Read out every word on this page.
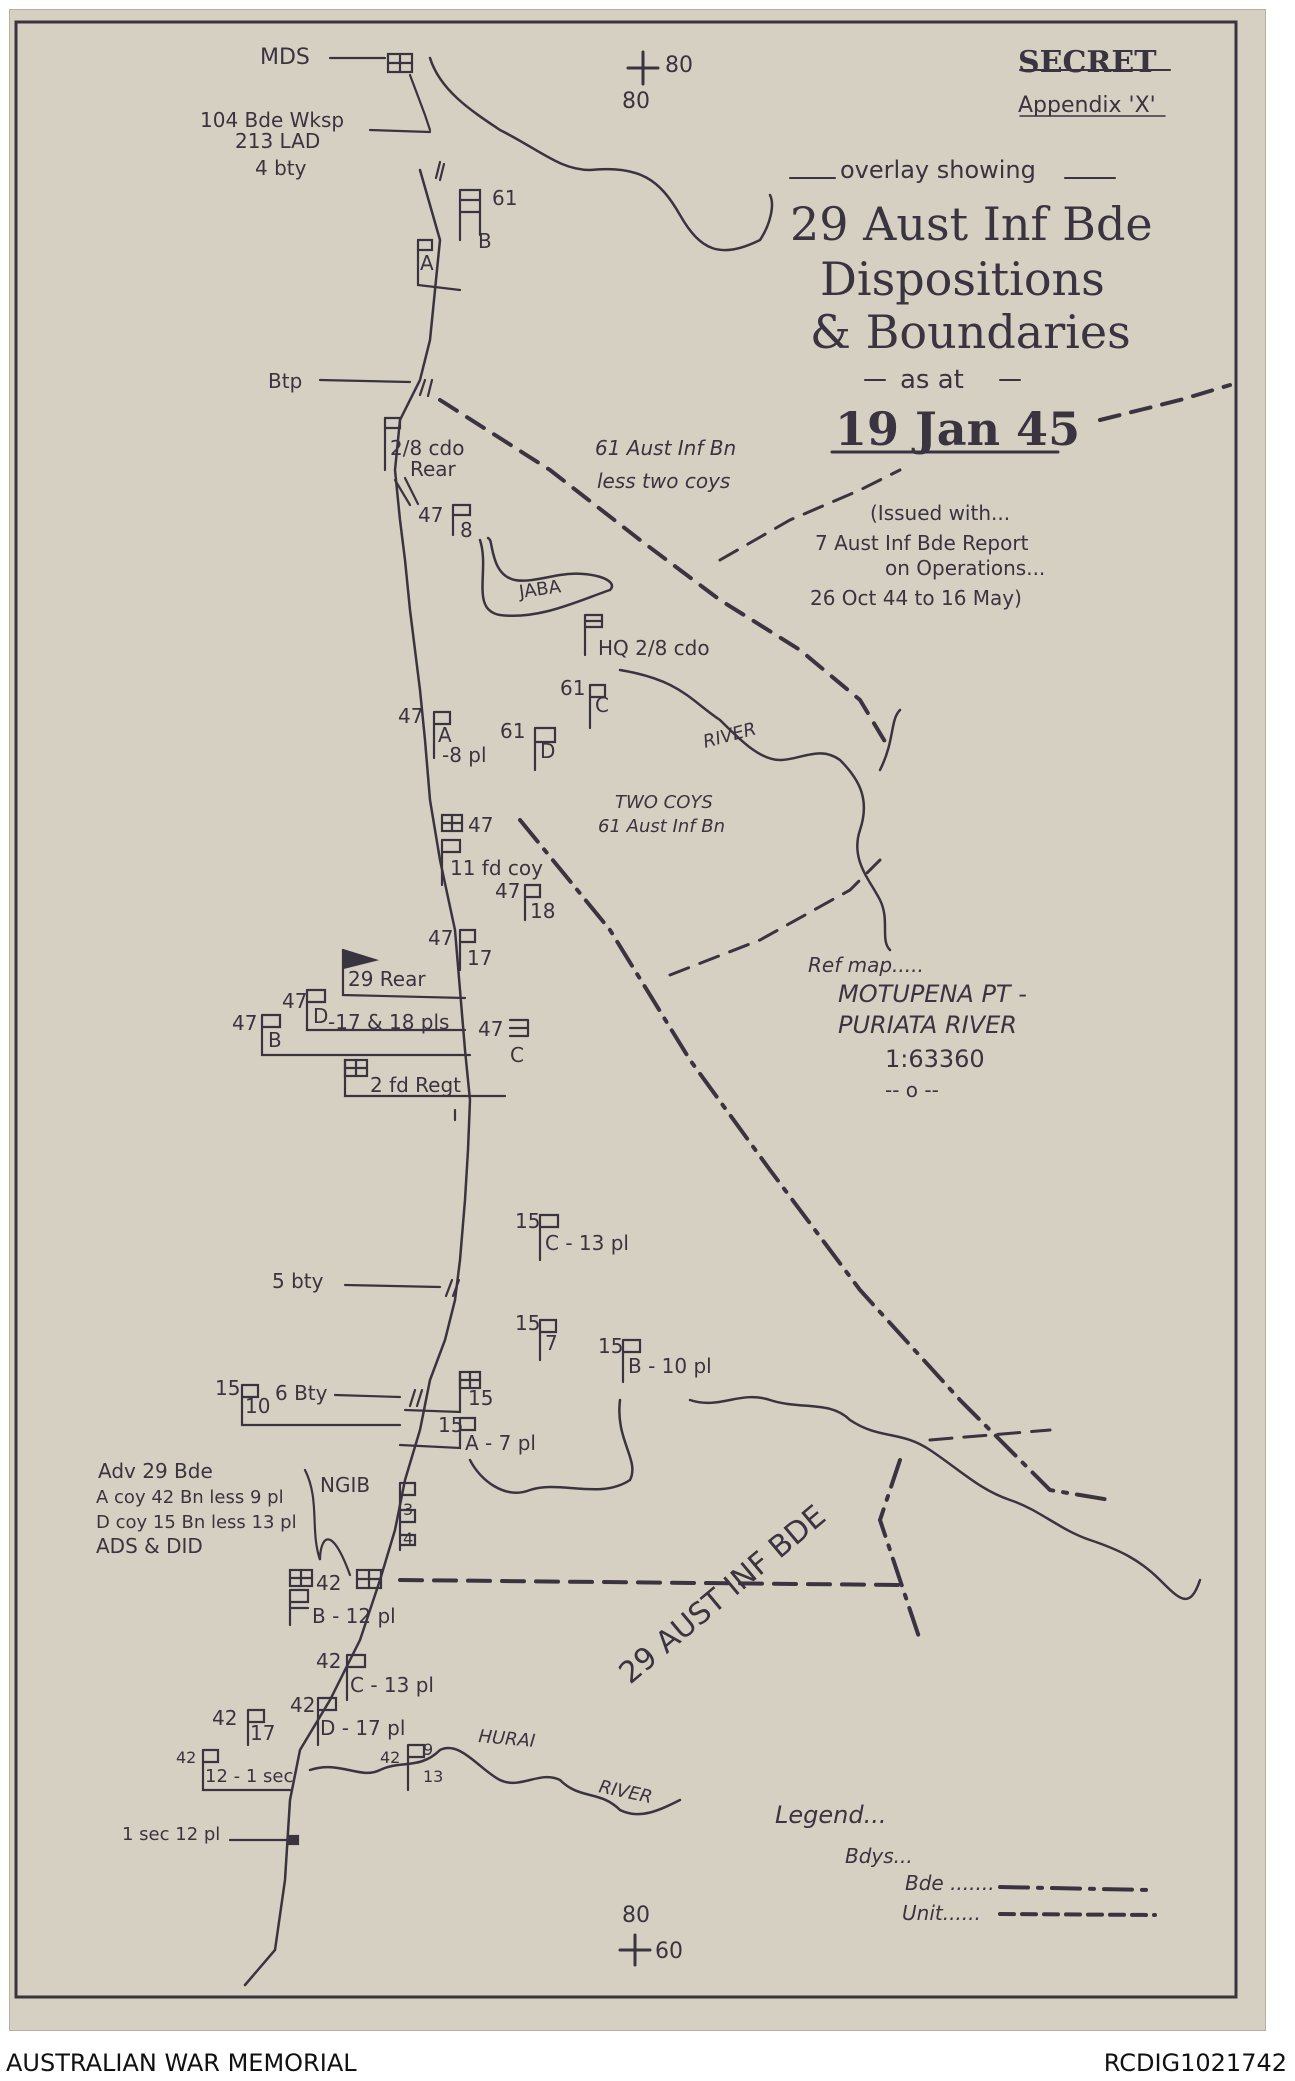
SECRET
Appendix 'X'
overlay showing
29 Aust Inf Bde
Dispositions
& Boundaries
as at
19 Jan 45
(Issued with...
7 Aust Inf Bde Report
on Operations...
26 Oct 44 to 16 May)
80
80
80
60
Ref map.....
MOTUPENA PT -
PURIATA RIVER
1:63360
-- o --
Legend...
Bdys...
Bde .......
Unit......
JABA
RIVER
HURAI
RIVER
MDS
104 Bde Wksp
213 LAD
4 bty
61
B
A
Btp
2/8 cdo
Rear
61 Aust Inf Bn
less two coys
47
8
HQ 2/8 cdo
61
C
47
A
-8 pl
61
D
TWO COYS
61 Aust Inf Bn
47
11 fd coy
47
18
47
17
29 Rear
47
D -17 & 18 pls
47
B	47
C
2 fd Regt
15
C - 13 pl
5 bty
15
7 15
B - 10 pl
15
10
6 Bty	15
15
A - 7 pl
Adv 29 Bde
A coy 42 Bn less 9 pl
D coy 15 Bn less 13 pl
ADS & DID
NGIB
3
4
42
B - 12 pl
42
C - 13 pl
42
D - 17 pl
42
17
42
12 - 1 sec
42 9
13
1 sec 12 pl
29 AUST INF BDE
AUSTRALIAN WAR MEMORIAL	RCDIG1021742
